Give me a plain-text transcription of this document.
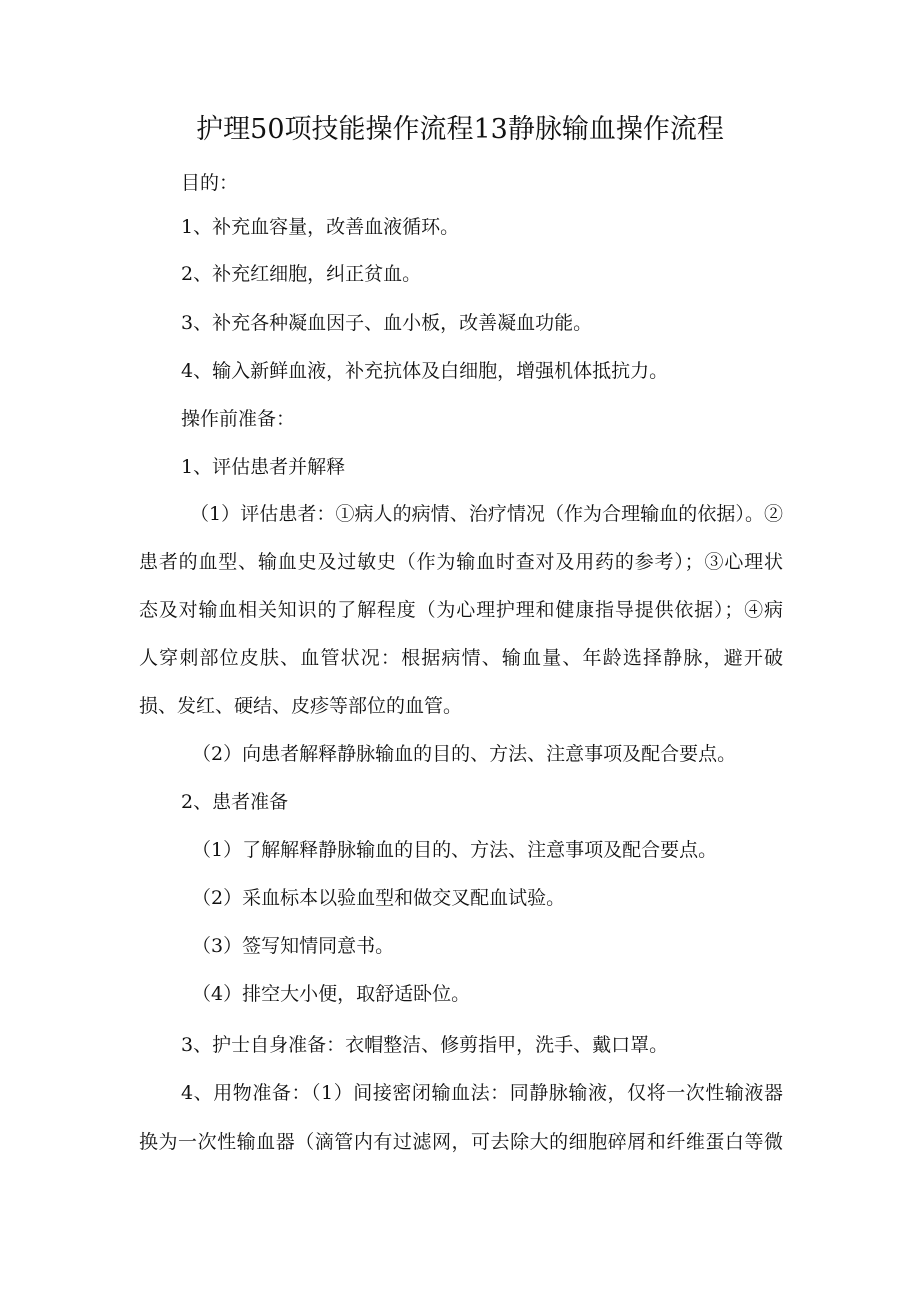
护理50项技能操作流程13静脉输血操作流程
目的：
1、补充血容量，改善血液循环。
2、补充红细胞，纠正贫血。
3、补充各种凝血因子、血小板，改善凝血功能。
4、输入新鲜血液，补充抗体及白细胞，增强机体抵抗力。
操作前准备：
1、评估患者并解释
（1）评估患者：①病人的病情、治疗情况（作为合理输血的依据）。②
患者的血型、输血史及过敏史（作为输血时查对及用药的参考）；③心理状
态及对输血相关知识的了解程度（为心理护理和健康指导提供依据）；④病
人穿刺部位皮肤、血管状况：根据病情、输血量、年龄选择静脉，避开破
损、发红、硬结、皮疹等部位的血管。
（2）向患者解释静脉输血的目的、方法、注意事项及配合要点。
2、患者准备
（1）了解解释静脉输血的目的、方法、注意事项及配合要点。
（2）采血标本以验血型和做交叉配血试验。
（3）签写知情同意书。
（4）排空大小便，取舒适卧位。
3、护士自身准备：衣帽整洁、修剪指甲，洗手、戴口罩。
4、用物准备：（1）间接密闭输血法：同静脉输液，仅将一次性输液器
换为一次性输血器（滴管内有过滤网，可去除大的细胞碎屑和纤维蛋白等微
